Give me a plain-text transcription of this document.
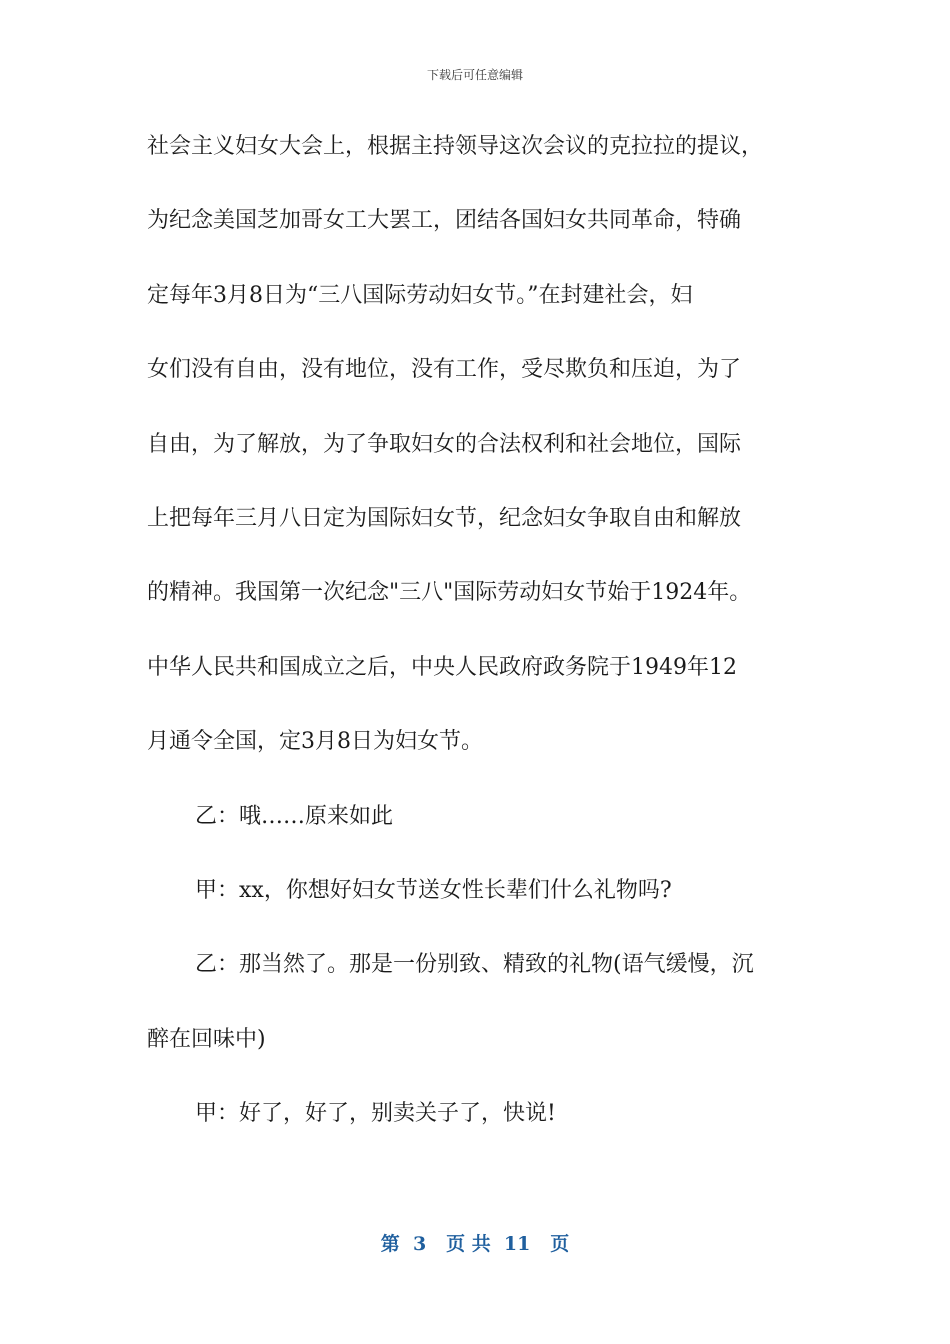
下载后可任意编辑
社会主义妇女大会上，根据主持领导这次会议的克拉拉的提议，
为纪念美国芝加哥女工大罢工，团结各国妇女共同革命，特确
定每年3月8日为“三八国际劳动妇女节。”在封建社会，妇
女们没有自由，没有地位，没有工作，受尽欺负和压迫，为了
自由，为了解放，为了争取妇女的合法权利和社会地位，国际
上把每年三月八日定为国际妇女节，纪念妇女争取自由和解放
的精神。我国第一次纪念"三八"国际劳动妇女节始于1924年。
中华人民共和国成立之后，中央人民政府政务院于1949年12
月通令全国，定3月8日为妇女节。
乙：哦……原来如此
甲：xx，你想好妇女节送女性长辈们什么礼物吗?
乙：那当然了。那是一份别致、精致的礼物(语气缓慢，沉
醉在回味中)
甲：好了，好了，别卖关子了，快说!
第  3   页 共  11   页
